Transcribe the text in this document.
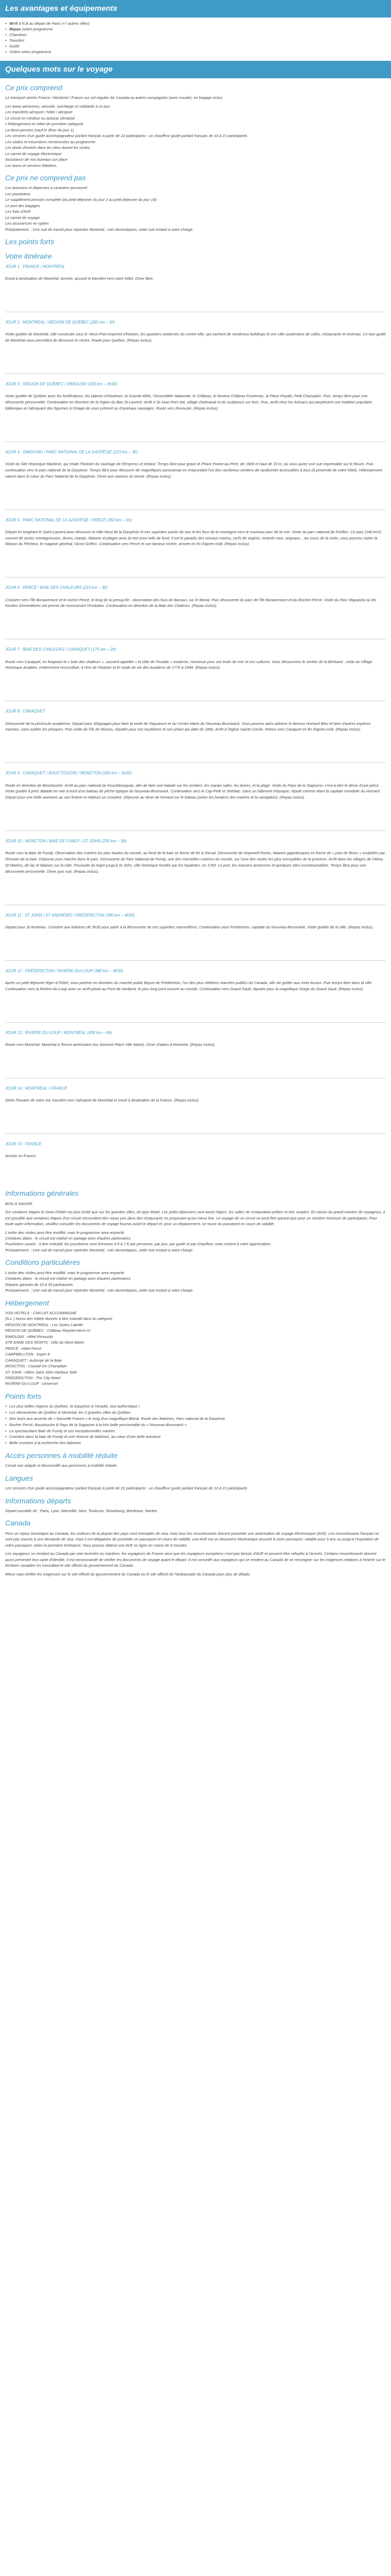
Les avantages et équipements
• Wi-fi à N.B au départ de Paris (+7 autres villes)
• Repas (selon programme
• Chambres
• Transfert
• Guide
• Visites selon programme
Quelques mots sur le voyage
Ce prix comprend

Le transport aérien France / Montréal / France sur vol régulier Air Canada ou autres compagnies (avec escale), en bagage inclus

Les taxes aériennes, sécurité, surcharge et solidarité à ce jour
Les transferts aéroport / hôtel / aéroport
Le circuit en minibus ou autocar climatisé
L'hébergement en hôtel de première catégorie
La demi-pension (sauf le dîner du jour 1)
Les services d'un guide accompagnateur parlant français à partir de 22 participants - un chauffeur guide parlant français de 10 à 21 participants
Les visites et excursions mentionnées au programme
Les droits d'entrée dans les sites durant les visites
Le carnet de voyage électronique
Assistance de nos bureaux sur place
Les taxes et services hôteliers.
Ce prix ne comprend pas
Les boissons et dépenses à caractère personnel
Les pourboires
Le supplément pension complète (du petit déjeuner du jour 2 au petit déjeuner du jour 14)
Le port des bagages
Les frais d'AVE
Le carnet de voyage
Les assurances en option
Prix/paiement. ; Une nuit de transit pour rejoindre Montréal ; vols domestiques, cette nuit restant à votre charge.
Les points forts
Votre itinéraire
JOUR 1 : FRANCE / MONTRÉAL

Envol à destination de Montréal. Arrivée, accueil et transfert vers votre hôtel. Dîner libre.

JOUR 2 : MONTRÉAL / RÉGION DE QUÉBEC (265 km – 3h)

Visite guidée de Montréal, ville construite sous le Vieux-Port empreint d'histoire, les quartiers modernes du centre-ville, qui cachent de nombreux buildings et une ville souterraine de cafés, restaurants et cinémas. Ce tour guidé de Montréal vous permettra de découvrir le centre. Route pour Québec. (Repas inclus).

JOUR 3 : RÉGION DE QUÉBEC / RIMOUSKI (300 km – 3h30)

Visite guidée de Québec avec les fortifications, les plaines d'Abraham, la Grande Allée, l'Assemblée Nationale, le Château, le fameux Château Frontenac, la Place Royale, Petit Champlain. Puis, temps libre pour une découverte personnelle. Continuation en direction de la région du Bas St-Laurent. Arrêt à St-Jean-Port-Joli, village d'artisanat et de sculpteurs sur bois. Puis, arrêt chez les Artisans qui perpétuent une tradition populaire folklorique en fabriquant des figurines à l'image de vous présent ou d'animaux sauvages. Route vers Rimouski. (Repas inclus).

JOUR 4 : RIMOUSKI / PARC NATIONAL DE LA GASPÉSIE (223 km – 3h)

Visite du Site Historique Maritime, qui relate l'histoire du naufrage de l'Empress of Ireland. Temps libre pour gravir le Phare Pointe-au-Père, de 1909 et haut de 33 m, où vous aurez une vue imprenable sur le fleuve. Puis continuation vers le parc national de la Gaspésie. Temps libre pour découvrir de magnifiques panoramas en empruntant l'un des nombreux sentiers de randonnée accessibles à tous (à proximité de votre hôtel). Hébergement nature dans le cœur du Parc National de la Gaspésie. Dîner aux saveurs du terroir. (Repas inclus).

JOUR 5 : PARC NATIONAL DE LA GASPÉSIE / PERCÉ (350 km – 5h)

Départ en longeant le Saint-Laurent pour découvrir la côte Nord de la Gaspésie et ses superbes points de vue et les feux de la montagne vers le nouveau parc de la mer. Visite du parc national de Forillon. Ce parc (240 km²) couvert de zones montagneuses, dunes, marais, falaises et plages avec la mer pour toile de fond. Il est le paradis des oiseaux marins, cerfs de virginie, renards roux, orignaux... Au cours de la visite, vous pourrez visiter la Maison du Pêcheur, le magasin général, l'Anse Griffon. Continuation vers Percé et son fameux rocher, arrivée en fin d'après-midi. (Repas inclus).

JOUR 6 : PERCÉ / BAIE DES CHALEURS (210 km – 3h)

Croisière vers l'Île Bonaventure et le rocher Percé, le long de la presqu'île : observation des fous de Bassan, sur le littoral. Puis découverte du parc de l'Île Bonaventure-et-du-Rocher-Percé. Visite du Parc Miguasha où les fossiles d'invertébrés ont permis de reconstruire l'évolution. Continuation en direction de la Baie des Chaleurs. (Repas inclus).

JOUR 7 : BAIE DES CHALEURS / CARAQUET (175 km – 2h)

Route vers Caraquet, en longeant la « baie des chaleurs », souvent appelée « la côte de l'Acadie » moderne, reconnue pour ses fruits de mer et ses cultures. Vous découvrirez le sentier de la Bertrand ; visite du Village Historique Acadien, entièrement reconstitué, à l'ère de l'histoire et le mode de vie des Acadiens de 1770 à 1949. (Repas inclus).

JOUR 8 : CARAQUET

Découverte de la péninsule acadienne. Départ pour Shippagan pour faire la visite de l'Aquarium et du Centre Marin du Nouveau-Brunswick. Vous pourrez alors admirer le fameux Homard Bleu et bien d'autres espèces marines, sans oublier les phoques. Puis visite de l'île de Miscou, réputée pour ses tourbières et son phare qui date de 1856. Arrêt à l'église Sainte-Cécile. Retour vers Caraquet en fin d'après-midi. (Repas inclus).

JOUR 9 : CARAQUET / BOUCTOUCHE / MONCTON (260 km – 3h30)

Route en direction de Bouctouche. Arrêt au parc national de Kouchibouguac, afin de faire une balade sur les sentiers, les marais salés, les dunes, et la plage. Visite du Pays de la Sagouine, c'est-à-dire le décor d'une pièce. Visite guidée à pied. Balade en mer à bord d'un bateau de pêche typique du Nouveau-Brunswick. Continuation vers le Cap-Pelé et Shédiac. Dans un bâtiment d'époque, réputé comme étant la capitale mondiale du Homard. Départ pour une belle aventure au son festive et réalisez un croisière. Déjeuner au diner de homard sur le bateau (selon les horaires des marées et la navigation). (Repas inclus).

JOUR 10 : MONCTON / BAIE DE FUNDY / ST JOHN (230 km – 3h)

Route vers la Baie de Fundy. Observation des marées les plus hautes du monde, au fond de la baie se forme de fer à cheval. Découverte de Hopewell Rocks, falaises gigantesques en forme de « pots de fleurs » sculptées par l'érosion de la baie. Déjeuner puis marche dans le parc. Découverte du Parc National de Fundy, une des merveilles marines du monde, sur l'une des routes les plus incroyables de la province. Arrêt dans les villages de l'Alma, St-Martins, de lac et falaises sur la côte. Poursuite du trajet jusqu'à St John, ville historique fondée par les loyalistes, en 1783. Le port, les maisons anciennes et quelques sites incontournables. Temps libre pour une découverte personnelle. Dîner puis nuit. (Repas inclus).

JOUR 11 : ST JOHN / ST ANDREWS / FRÉDÉRICTON (390 km – 4h30)

Départ pour St Andrews. Croisière aux baleines de 3h30 pour partir à la découverte de ces superbes mammifères. Continuation pour Frédéricton, capitale du Nouveau-Brunswick. Visite guidée de la ville. (Repas inclus).

JOUR 12 : FRÉDÉRICTON / RIVIÈRE-DU-LOUP (380 km – 4h30)

Après un petit déjeuner léger à l'hôtel, vous partirez en direction du marché public Boyce de Frédéricton, l'un des plus célèbres marchés publics du Canada, afin de goûter aux mets locaux. Puis temps libre dans la ville. Continuation vers la Rivière-du-Loup avec un arrêt photo au Pont de Hartland, le plus long pont couvert au monde. Continuation vers Grand Sault, réputée pour la magnifique Gorge du Grand Sault. (Repas inclus).

JOUR 13 : RIVIÈRE-DU-LOUP / MONTRÉAL (430 km – 6h)

Route vers Montréal. Montréal à l'heure américaine (ou Sommet Place Ville Marie). Dîner d'adieu à Montréal. (Repas inclus).

JOUR 14 : MONTRÉAL / FRANCE

Selon l'horaire de votre vol, transfert vers l'aéroport de Montréal et envol à destination de la France. (Repas inclus).

JOUR 15 : FRANCE

Arrivée en France.

Informations générales

BON À SAVOIR

Sur certaines étapes le choix d'hôtel est plus limité que sur les grandes villes, de type Motel. Les petits-déjeuners sont assez légers, les salles de restauration petites et très simples. En raison du grand nombre de voyageurs, il est possible que certaines étapes d'un circuit nécessitent des repas pris dans des restaurants ne proposant qu'un menu fixe. Le voyage de ce circuit ne peut être garanti que pour un nombre minimum de participants. Pour toute autre information, veuillez consulter les documents de voyage fournis avant le départ et, pour un déplacement, se munir du passeport en cours de validité.

L'ordre des visites peut être modifié, mais le programme sera respecté.
Certaines dates : le circuit est réalisé en partage avec d'autres partenaires.
Pourboires usuels : à titre indicatif, les pourboires sont d'environ 4 € à 7 € par personne, par jour, par guide et par chauffeur, mais restent à votre appréciation.
Prix/paiement. ; Une nuit de transit pour rejoindre Montréal ; vols domestiques, cette nuit restant à votre charge.
Conditions particulières
L'ordre des visites peut être modifié, mais le programme sera respecté.
Certaines dates : le circuit est réalisé en partage avec d'autres partenaires.
Départs garantis de 10 à 35 participants.
Prix/paiement. ; Une nuit de transit pour rejoindre Montréal ; vols domestiques, cette nuit restant à votre charge.
Hébergement
VOS HOTELS - CIRCUIT ACCOMPAGNÉ
(N.L.) Noms des hôtels donnés à titre indicatif dans la catégorie
RÉGION DE MONTRÉAL : Les Suites Labelle
RÉGION DE QUÉBEC : Château Repotel Henri IV
RIMOUSKI : Hôtel Rimouski
STE ANNE DES MONTS : Gîte du Mont Albert
PERCÉ : Hôtel Percé
CAMPBELLTON : Super 8
CARAQUET : Auberge de la Baie
MONCTON : Coastal Inn Champlain
ST JOHN : Hilton Saint John Harbour Side
FRÉDÉRICTON : The City Motel
RIVIÈRE-DU-LOUP : Universel
Points forts
• Les plus belles régions du Québec, la Gaspésie & l'Acadie, tout authentique !
• Les découvertes de Québec & Montréal, les 2 grandes villes du Québec
• Des tours aux accents de « Nouvelle France » le long d'un magnifique littoral, Route des Baleines, Parc national de la Gaspésie
• Rocher Percé, Bouctouche & Pays de la Sagouine à la très belle personnalité du « Nouveau-Brunswick »
• La spectaculaire Baie de Fundy et ses exceptionnelles marées
• Croisière dans la baie de Fundy et une réserve de baleines, au cœur d'une belle aventure
• Belle croisière à la recherche des baleines
Accès personnes à mobilité réduite

Circuit non adapté et déconseillé aux personnes à mobilité réduite.

Langues

Les services d'un guide accompagnateur parlant français à partir de 22 participants - un chauffeur guide parlant français de 10 à 21 participants

Informations départs

Départ possible de : Paris, Lyon, Marseille, Nice, Toulouse, Strasbourg, Bordeaux, Nantes

Canada

Pour un séjour touristique au Canada, les visiteurs de la plupart des pays sont exemptés de visa, mais tous les ressortissants doivent posséder une autorisation de voyage électronique (AVE). Les ressortissants français ne sont pas soumis à une demande de visa, mais il est obligatoire de posséder un passeport en cours de validité, une AVE est un document électronique associé à votre passeport, valable pour 5 ans ou jusqu'à l'expiration de votre passeport, selon la première échéance. Vous pouvez obtenir une AVE en ligne en moins de 5 minutes.

Les voyageurs se rendant au Canada par voie terrestre ou maritime, les voyageurs de France ainsi que les voyageurs européens n'ont pas besoin d'AVE et peuvent être refoulés à l'arrivée. Certains ressortissants doivent aussi présenter leur carte d'identité. Il est recommandé de vérifier les documents de voyage avant le départ. Il est conseillé aux voyageurs qui se rendent au Canada de se renseigner sur les exigences relatives à l'entrée sur le territoire canadien en consultant le site officiel du gouvernement du Canada.

Mieux vaut vérifier les exigences sur le site officiel du gouvernement du Canada ou le site officiel de l'ambassade du Canada pour plus de détails.
